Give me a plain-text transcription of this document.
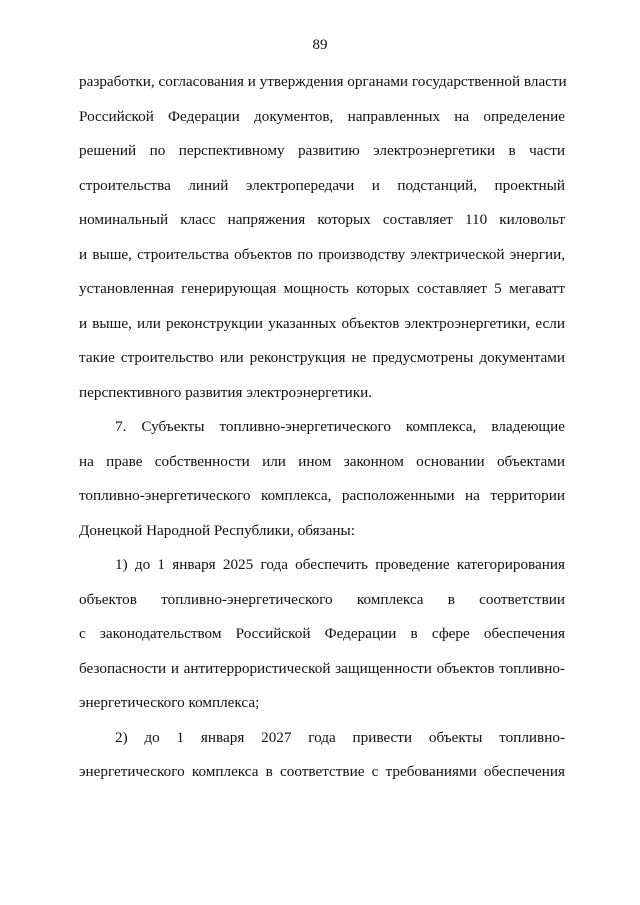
89
разработки, согласования и утверждения органами государственной власти
Российской Федерации документов, направленных на определение
решений по перспективному развитию электроэнергетики в части
строительства линий электропередачи и подстанций, проектный
номинальный класс напряжения которых составляет 110 киловольт
и выше, строительства объектов по производству электрической энергии,
установленная генерирующая мощность которых составляет 5 мегаватт
и выше, или реконструкции указанных объектов электроэнергетики, если
такие строительство или реконструкция не предусмотрены документами
перспективного развития электроэнергетики.
7. Субъекты топливно-энергетического комплекса, владеющие
на праве собственности или ином законном основании объектами
топливно-энергетического комплекса, расположенными на территории
Донецкой Народной Республики, обязаны:
1) до 1 января 2025 года обеспечить проведение категорирования
объектов топливно-энергетического комплекса в соответствии
с законодательством Российской Федерации в сфере обеспечения
безопасности и антитеррористической защищенности объектов топливно-
энергетического комплекса;
2) до 1 января 2027 года привести объекты топливно-
энергетического комплекса в соответствие с требованиями обеспечения
